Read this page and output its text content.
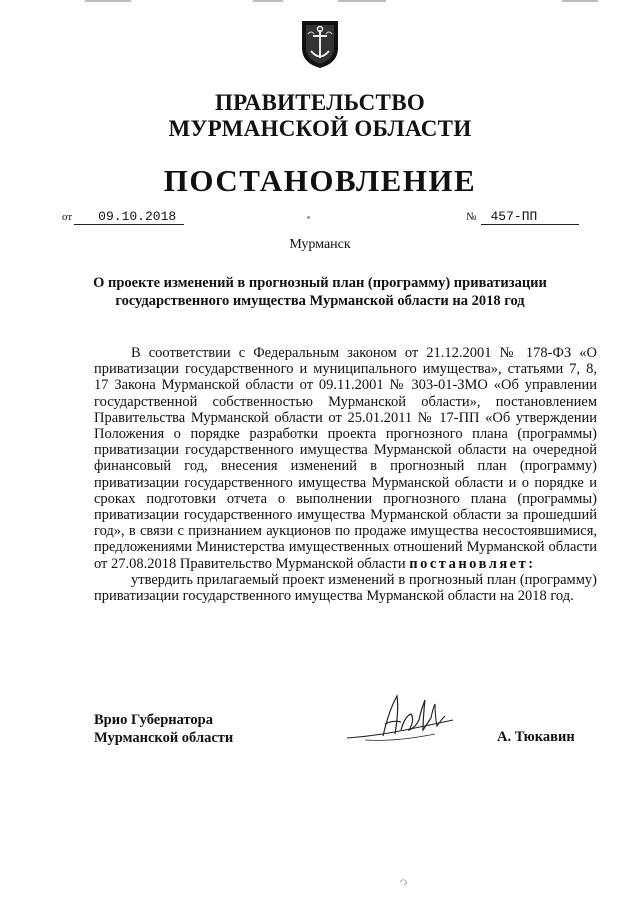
ПРАВИТЕЛЬСТВО
МУРМАНСКОЙ ОБЛАСТИ
ПОСТАНОВЛЕНИЕ
от 09.10.2018	№ 457-ПП
Мурманск
О проекте изменений в прогнозный план (программу) приватизации
государственного имущества Мурманской области на 2018 год

В соответствии с Федеральным законом от 21.12.2001 № 178-ФЗ «О приватизации государственного и муниципального имущества», статьями 7, 8, 17 Закона Мурманской области от 09.11.2001 № 303-01-ЗМО «Об управлении государственной собственностью Мурманской области», постановлением Правительства Мурманской области от 25.01.2011 № 17-ПП «Об утверждении Положения о порядке разработки проекта прогнозного плана (программы) приватизации государственного имущества Мурманской области на очередной финансовый год, внесения изменений в прогнозный план (программу) приватизации государственного имущества Мурманской области и о порядке и сроках подготовки отчета о выполнении прогнозного плана (программы) приватизации государственного имущества Мурманской области за прошедший год», в связи с признанием аукционов по продаже имущества несостоявшимися, предложениями Министерства имущественных отношений Мурманской области от 27.08.2018 Правительство Мурманской области постановляет:

утвердить прилагаемый проект изменений в прогнозный план (программу) приватизации государственного имущества Мурманской области на 2018 год.

Врио Губернатора
Мурманской области	А. Тюкавин
